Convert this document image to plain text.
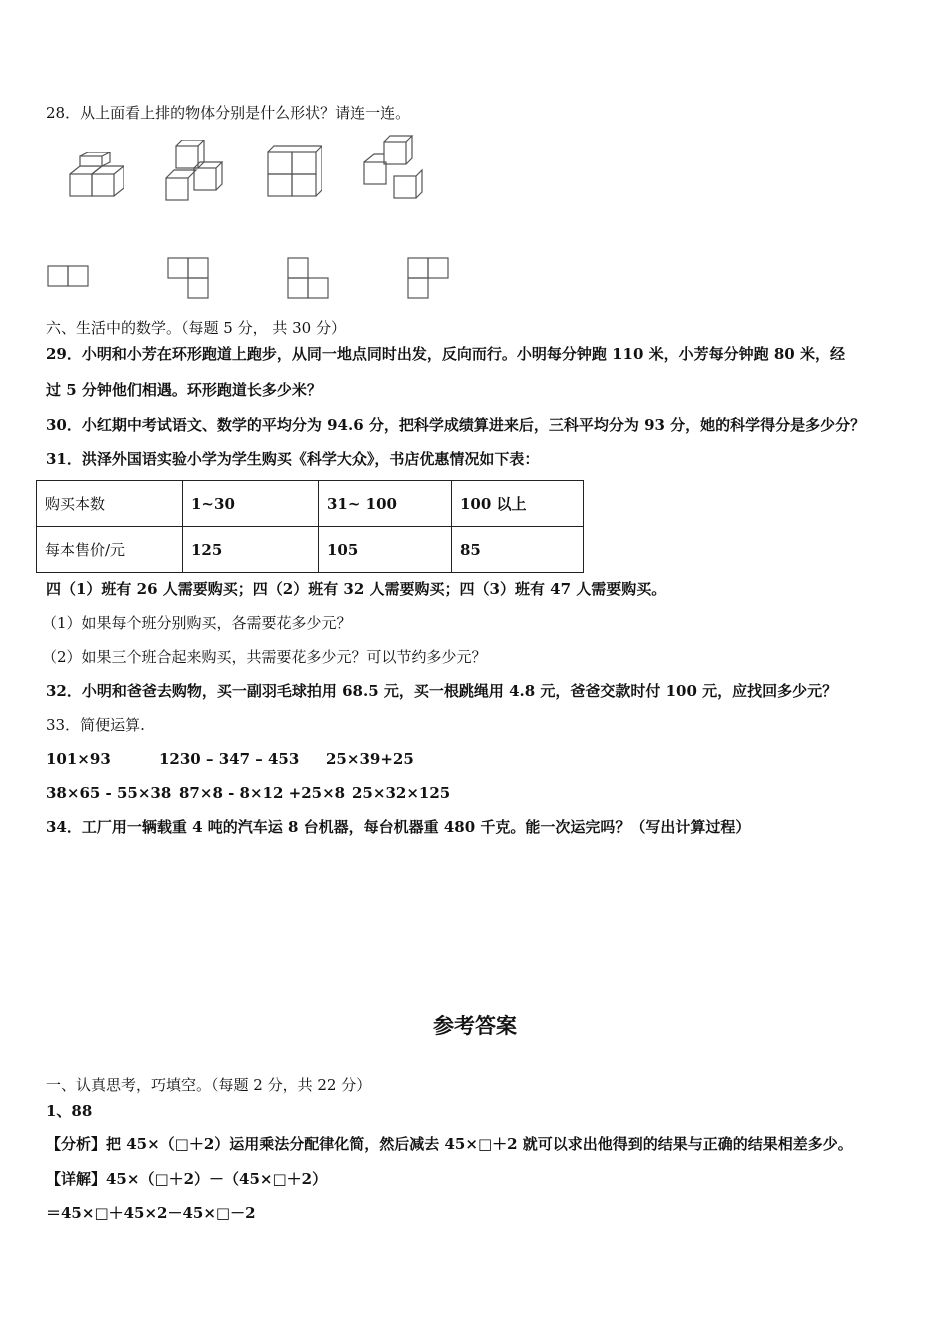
28．从上面看上排的物体分别是什么形状？请连一连。
六、生活中的数学。（每题 5 分， 共 30 分）
29．小明和小芳在环形跑道上跑步，从同一地点同时出发，反向而行。小明每分钟跑 110 米，小芳每分钟跑 80 米，经
过 5 分钟他们相遇。环形跑道长多少米？
30．小红期中考试语文、数学的平均分为 94.6 分，把科学成绩算进来后，三科平均分为 93 分，她的科学得分是多少分？
31．洪泽外国语实验小学为学生购买《科学大众》，书店优惠情况如下表：
购买本数	1~30	31~ 100	100 以上
每本售价/元	125	105	85
四（1）班有 26 人需要购买；四（2）班有 32 人需要购买；四（3）班有 47 人需要购买。
（1）如果每个班分别购买，各需要花多少元？
（2）如果三个班合起来购买，共需要花多少元？可以节约多少元？
32．小明和爸爸去购物，买一副羽毛球拍用 68.5 元，买一根跳绳用 4.8 元，爸爸交款时付 100 元，应找回多少元？
33．简便运算.
101×93	1230 – 347 – 453 25×39+25
38×65 - 55×38 87×8 - 8×12 +25×8 25×32×125
34．工厂用一辆载重 4 吨的汽车运 8 台机器，每台机器重 480 千克。能一次运完吗？（写出计算过程）
参考答案
一、认真思考，巧填空。（每题 2 分，共 22 分）
1、88
【分析】把 45×（□＋2）运用乘法分配律化简，然后减去 45×□＋2 就可以求出他得到的结果与正确的结果相差多少。
【详解】45×（□＋2）－（45×□＋2）
＝45×□＋45×2－45×□－2
